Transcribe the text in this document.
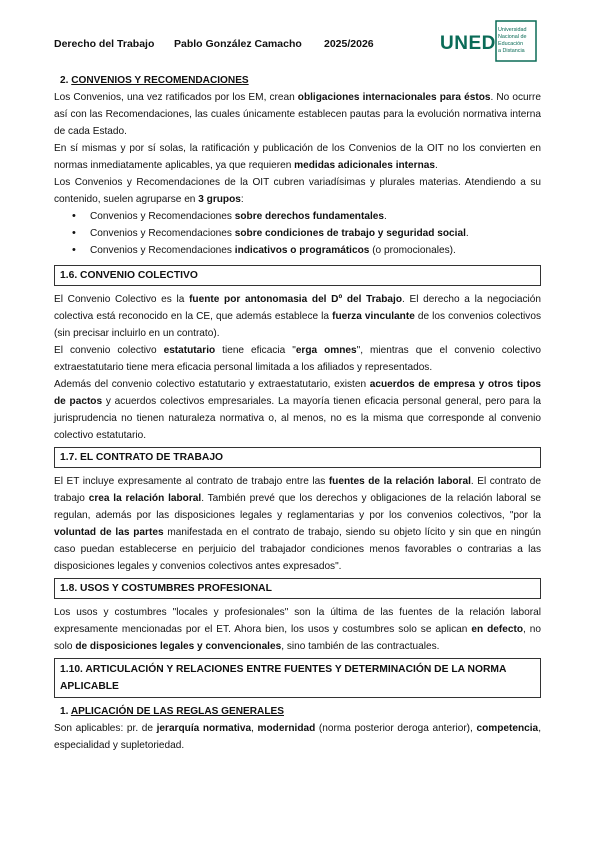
Derecho del Trabajo Pablo González Camacho 2025/2026	UNED
Universidad
Nacional de
Educación
a Distancia
2. CONVENIOS Y RECOMENDACIONES

Los Convenios, una vez ratificados por los EM, crean obligaciones internacionales para éstos. No ocurre así con las Recomendaciones, las cuales únicamente establecen pautas para la evolución normativa interna de cada Estado.

En sí mismas y por sí solas, la ratificación y publicación de los Convenios de la OIT no los convierten en normas inmediatamente aplicables, ya que requieren medidas adicionales internas.

Los Convenios y Recomendaciones de la OIT cubren variadísimas y plurales materias. Atendiendo a su contenido, suelen agruparse en 3 grupos:

• Convenios y Recomendaciones sobre derechos fundamentales.
• Convenios y Recomendaciones sobre condiciones de trabajo y seguridad social.
• Convenios y Recomendaciones indicativos o programáticos (o promocionales).
1.6. CONVENIO COLECTIVO

El Convenio Colectivo es la fuente por antonomasia del Dº del Trabajo. El derecho a la negociación colectiva está reconocido en la CE, que además establece la fuerza vinculante de los convenios colectivos (sin precisar incluirlo en un contrato).

El convenio colectivo estatutario tiene eficacia "erga omnes", mientras que el convenio colectivo extraestatutario tiene mera eficacia personal limitada a los afiliados y representados.

Además del convenio colectivo estatutario y extraestatutario, existen acuerdos de empresa y otros tipos de pactos y acuerdos colectivos empresariales. La mayoría tienen eficacia personal general, pero para la jurisprudencia no tienen naturaleza normativa o, al menos, no es la misma que corresponde al convenio colectivo estatutario.

1.7. EL CONTRATO DE TRABAJO

El ET incluye expresamente al contrato de trabajo entre las fuentes de la relación laboral. El contrato de trabajo crea la relación laboral. También prevé que los derechos y obligaciones de la relación laboral se regulan, además por las disposiciones legales y reglamentarias y por los convenios colectivos, "por la voluntad de las partes manifestada en el contrato de trabajo, siendo su objeto lícito y sin que en ningún caso puedan establecerse en perjuicio del trabajador condiciones menos favorables o contrarias a las disposiciones legales y convenios colectivos antes expresados".

1.8. USOS Y COSTUMBRES PROFESIONAL

Los usos y costumbres "locales y profesionales" son la última de las fuentes de la relación laboral expresamente mencionadas por el ET. Ahora bien, los usos y costumbres solo se aplican en defecto, no solo de disposiciones legales y convencionales, sino también de las contractuales.

1.10. ARTICULACIÓN Y RELACIONES ENTRE FUENTES Y DETERMINACIÓN DE LA NORMA APLICABLE
1. APLICACIÓN DE LAS REGLAS GENERALES

Son aplicables: pr. de jerarquía normativa, modernidad (norma posterior deroga anterior), competencia, especialidad y supletoriedad.
